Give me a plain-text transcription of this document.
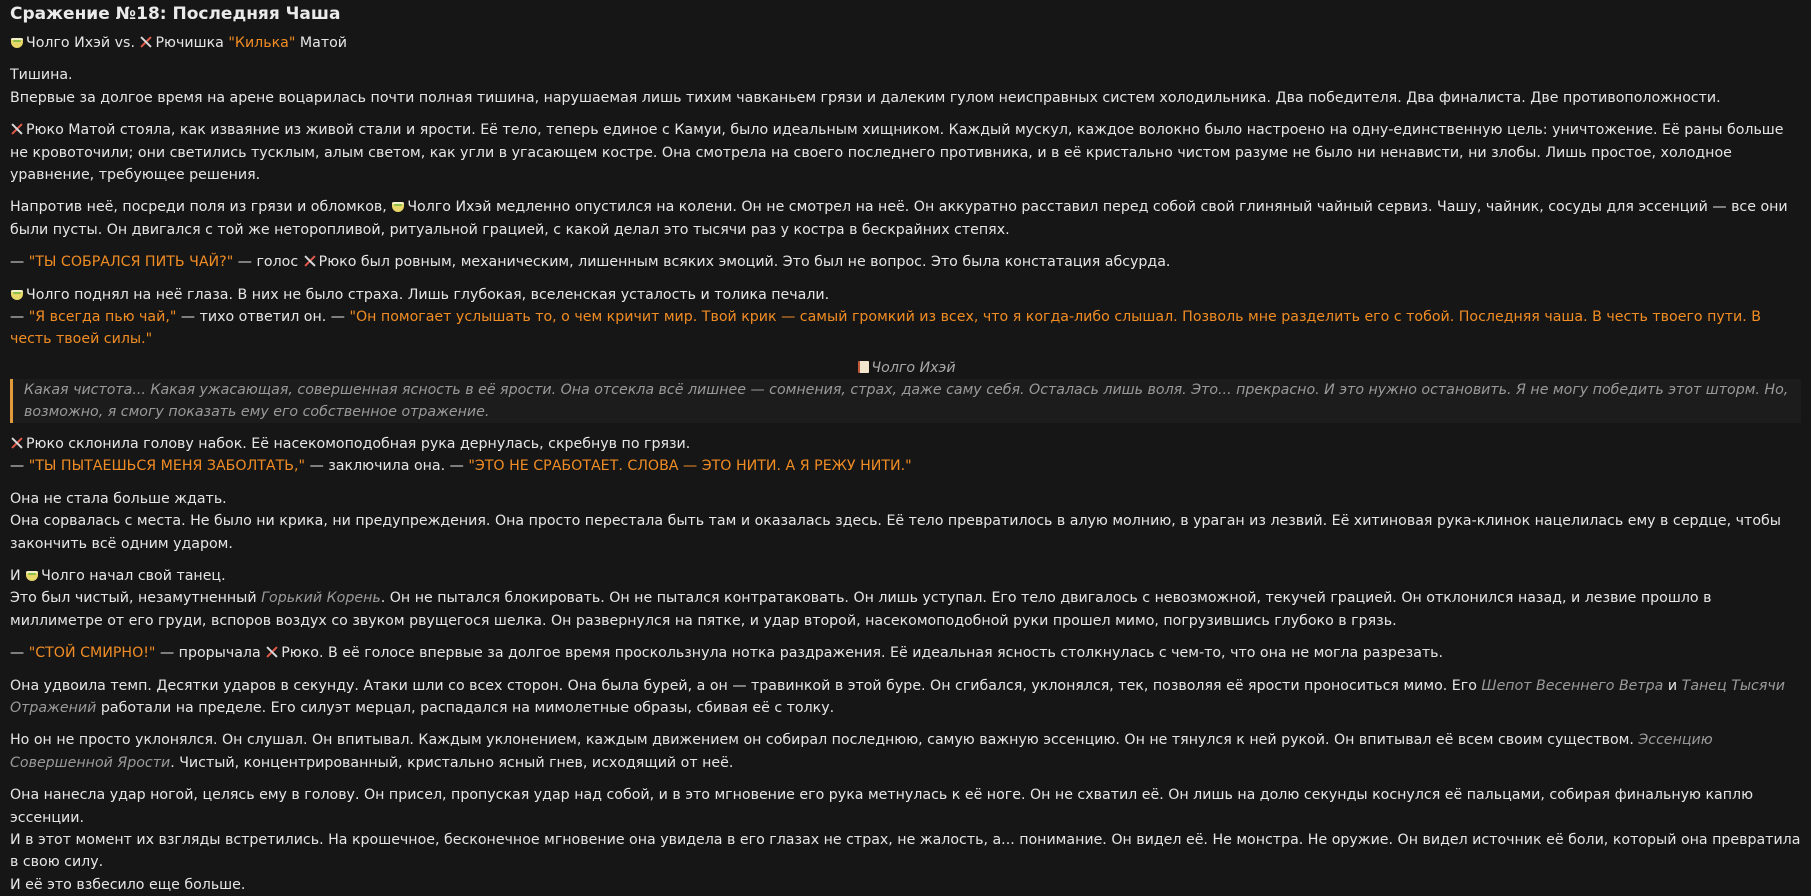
Сражение №18: Последняя Чаша

Чолго Ихэй vs. Рючишка "Килька" Матой

Тишина.

Впервые за долгое время на арене воцарилась почти полная тишина, нарушаемая лишь тихим чавканьем грязи и далеким гулом неисправных систем холодильника. Два победителя. Два финалиста. Две противоположности.

Рюко Матой стояла, как изваяние из живой стали и ярости. Её тело, теперь единое с Камуи, было идеальным хищником. Каждый мускул, каждое волокно было настроено на одну-единственную цель: уничтожение. Её раны больше не кровоточили; они светились тусклым, алым светом, как угли в угасающем костре. Она смотрела на своего последнего противника, и в её кристально чистом разуме не было ни ненависти, ни злобы. Лишь простое, холодное уравнение, требующее решения.

Напротив неё, посреди поля из грязи и обломков, Чолго Ихэй медленно опустился на колени. Он не смотрел на неё. Он аккуратно расставил перед собой свой глиняный чайный сервиз. Чашу, чайник, сосуды для эссенций — все они были пусты. Он двигался с той же неторопливой, ритуальной грацией, с какой делал это тысячи раз у костра в бескрайних степях.

— "ТЫ СОБРАЛСЯ ПИТЬ ЧАЙ?" — голос Рюко был ровным, механическим, лишенным всяких эмоций. Это был не вопрос. Это была констатация абсурда.

Чолго поднял на неё глаза. В них не было страха. Лишь глубокая, вселенская усталость и толика печали.

— "Я всегда пью чай," — тихо ответил он. — "Он помогает услышать то, о чем кричит мир. Твой крик — самый громкий из всех, что я когда-либо слышал. Позволь мне разделить его с тобой. Последняя чаша. В честь твоего пути. В честь твоей силы."

Чолго Ихэй

Какая чистота... Какая ужасающая, совершенная ясность в её ярости. Она отсекла всё лишнее — сомнения, страх, даже саму себя. Осталась лишь воля. Это... прекрасно. И это нужно остановить. Я не могу победить этот шторм. Но, возможно, я смогу показать ему его собственное отражение.

Рюко склонила голову набок. Её насекомоподобная рука дернулась, скребнув по грязи.

— "ТЫ ПЫТАЕШЬСЯ МЕНЯ ЗАБОЛТАТЬ," — заключила она. — "ЭТО НЕ СРАБОТАЕТ. СЛОВА — ЭТО НИТИ. А Я РЕЖУ НИТИ."

Она не стала больше ждать.

Она сорвалась с места. Не было ни крика, ни предупреждения. Она просто перестала быть там и оказалась здесь. Её тело превратилось в алую молнию, в ураган из лезвий. Её хитиновая рука-клинок нацелилась ему в сердце, чтобы закончить всё одним ударом.

И Чолго начал свой танец.

Это был чистый, незамутненный Горький Корень. Он не пытался блокировать. Он не пытался контратаковать. Он лишь уступал. Его тело двигалось с невозможной, текучей грацией. Он отклонился назад, и лезвие прошло в миллиметре от его груди, вспоров воздух со звуком рвущегося шелка. Он развернулся на пятке, и удар второй, насекомоподобной руки прошел мимо, погрузившись глубоко в грязь.

— "СТОЙ СМИРНО!" — прорычала Рюко. В её голосе впервые за долгое время проскользнула нотка раздражения. Её идеальная ясность столкнулась с чем-то, что она не могла разрезать.

Она удвоила темп. Десятки ударов в секунду. Атаки шли со всех сторон. Она была бурей, а он — травинкой в этой буре. Он сгибался, уклонялся, тек, позволяя её ярости проноситься мимо. Его Шепот Весеннего Ветра и Танец Тысячи Отражений работали на пределе. Его силуэт мерцал, распадался на мимолетные образы, сбивая её с толку.

Но он не просто уклонялся. Он слушал. Он впитывал. Каждым уклонением, каждым движением он собирал последнюю, самую важную эссенцию. Он не тянулся к ней рукой. Он впитывал её всем своим существом. Эссенцию Совершенной Ярости. Чистый, концентрированный, кристально ясный гнев, исходящий от неё.

Она нанесла удар ногой, целясь ему в голову. Он присел, пропуская удар над собой, и в это мгновение его рука метнулась к её ноге. Он не схватил её. Он лишь на долю секунды коснулся её пальцами, собирая финальную каплю эссенции.

И в этот момент их взгляды встретились. На крошечное, бесконечное мгновение она увидела в его глазах не страх, не жалость, а... понимание. Он видел её. Не монстра. Не оружие. Он видел источник её боли, который она превратила в свою силу.

И её это взбесило еще больше.
